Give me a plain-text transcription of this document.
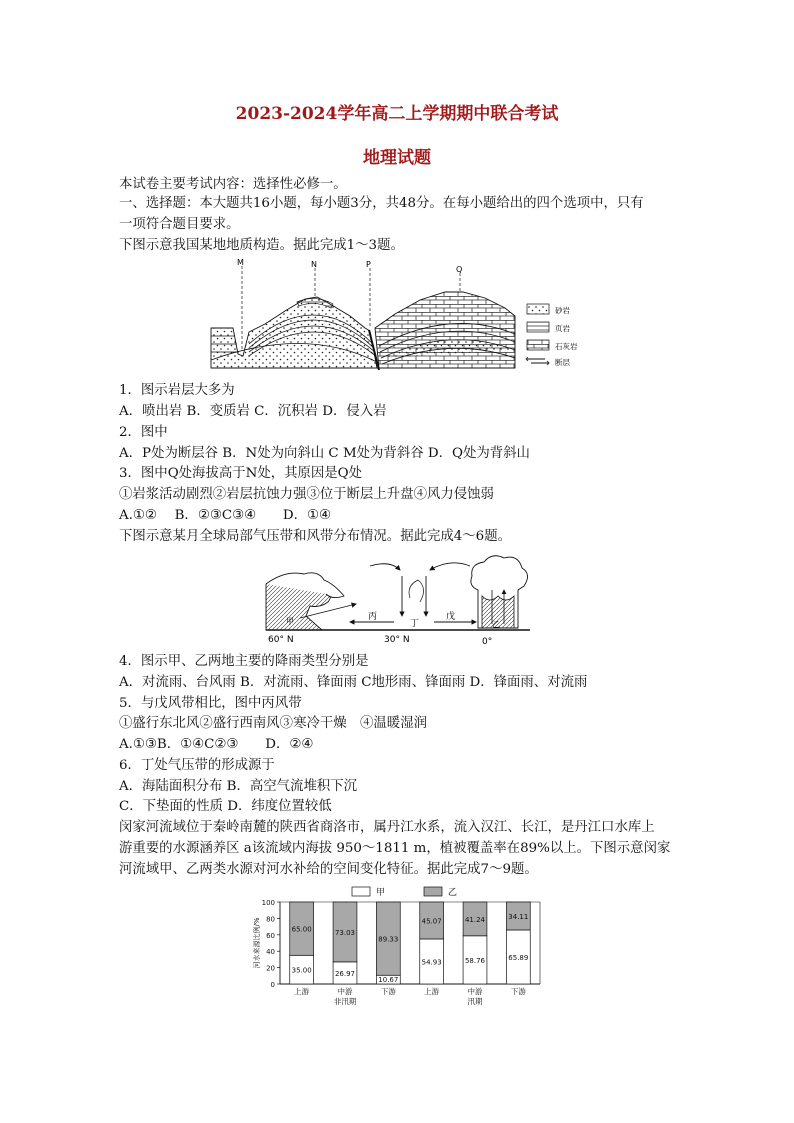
2023-2024学年高二上学期期中联合考试
地理试题
本试卷主要考试内容：选择性必修一。
一、选择题：本大题共16小题，每小题3分，共48分。在每小题给出的四个选项中，只有
一项符合题目要求。
下图示意我国某地地质构造。据此完成1～3题。
M	N	P
Q
砂岩
页岩
石灰岩
断层
1．图示岩层大多为
A．喷出岩 B．变质岩 C．沉积岩 D．侵入岩
2．图中
A．P处为断层谷 B．N处为向斜山 C M处为背斜谷 D．Q处为背斜山
3．图中Q处海拔高于N处，其原因是Q处
①岩浆活动剧烈②岩层抗蚀力强③位于断层上升盘④风力侵蚀弱
A.①②　 B．②③C③④　　D．①④
下图示意某月全球局部气压带和风带分布情况。据此完成4～6题。
甲	乙
丙
丁
戊
60° N	30° N	0°
4．图示甲、乙两地主要的降雨类型分别是
A．对流雨、台风雨 B．对流雨、锋面雨 C地形雨、锋面雨 D．锋面雨、对流雨
5．与戊风带相比，图中丙风带
①盛行东北风②盛行西南风③寒冷干燥　④温暖湿润
A.①③B．①④C②③　　D．②④
6．丁处气压带的形成源于
A．海陆面积分布 B．高空气流堆积下沉
C．下垫面的性质 D．纬度位置较低
闵家河流域位于秦岭南麓的陕西省商洛市，属丹江水系，流入汉江、长江，是丹江口水库上
游重要的水源涵养区 a该流域内海拔 950～1811 m，植被覆盖率在89%以上。下图示意闵家
河流域甲、乙两类水源对河水补给的空间变化特征。据此完成7～9题。
甲	乙
0
20
40
60
80
100
河水来源比例/%
35.00
65.00
上游
26.97
73.03
中游
10.67
89.33
下游
54.93
45.07
上游
58.76
41.24
中游
65.89
34.11
下游
非汛期	汛期
